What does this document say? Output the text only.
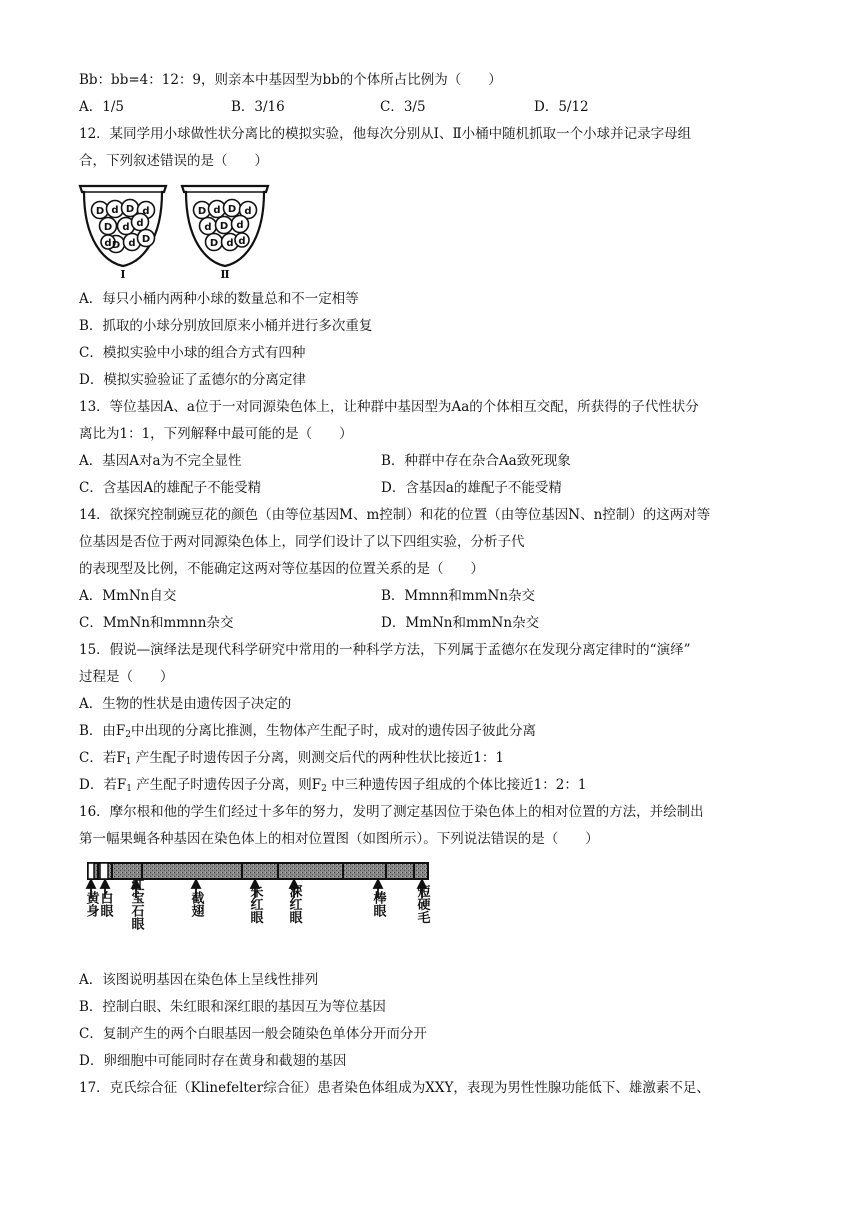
Bb：bb=4：12：9，则亲本中基因型为bb的个体所占比例为（　　）
A．1/5	B．3/16	C．3/5	D．5/12
12．某同学用小球做性状分离比的模拟实验，他每次分别从Ⅰ、Ⅱ小桶中随机抓取一个小球并记录字母组
合，下列叙述错误的是（　　）
D d D d
D d d
D d D
d
Ⅰ
D d D d
d D d
D d d
Ⅱ
A．每只小桶内两种小球的数量总和不一定相等
B．抓取的小球分别放回原来小桶并进行多次重复
C．模拟实验中小球的组合方式有四种
D．模拟实验验证了孟德尔的分离定律
13．等位基因A、a位于一对同源染色体上，让种群中基因型为Aa的个体相互交配，所获得的子代性状分
离比为1：1，下列解释中最可能的是（　　）
A．基因A对a为不完全显性	B．种群中存在杂合Aa致死现象
C．含基因A的雄配子不能受精	D．含基因a的雄配子不能受精
14．欲探究控制豌豆花的颜色（由等位基因M、m控制）和花的位置（由等位基因N、n控制）的这两对等
位基因是否位于两对同源染色体上，同学们设计了以下四组实验，分析子代
的表现型及比例，不能确定这两对等位基因的位置关系的是（　　）
A．MmNn自交	B．Mmnn和mmNn杂交
C．MmNn和mmnn杂交	D．MmNn和mmNn杂交
15．假说—演绎法是现代科学研究中常用的一种科学方法，下列属于孟德尔在发现分离定律时的“演绎”
过程是（　　）
A．生物的性状是由遗传因子决定的
B．由$F_2$中出现的分离比推测，生物体产生配子时，成对的遗传因子彼此分离
C．若$F_1$ 产生配子时遗传因子分离，则测交后代的两种性状比接近1：1
D．若$F_1$ 产生配子时遗传因子分离，则$F_2$ 中三种遗传因子组成的个体比接近1：2：1
16．摩尔根和他的学生们经过十多年的努力，发明了测定基因位于染色体上的相对位置的方法，并绘制出
第一幅果蝇各种基因在染色体上的相对位置图（如图所示）。下列说法错误的是（　　）
黄身 白眼 红宝石眼	截翅	朱红眼 深红眼	棒眼 短硬毛
A．该图说明基因在染色体上呈线性排列
B．控制白眼、朱红眼和深红眼的基因互为等位基因
C．复制产生的两个白眼基因一般会随染色单体分开而分开
D．卵细胞中可能同时存在黄身和截翅的基因
17．克氏综合征（Klinefelter综合征）患者染色体组成为XXY，表现为男性性腺功能低下、雄激素不足、
